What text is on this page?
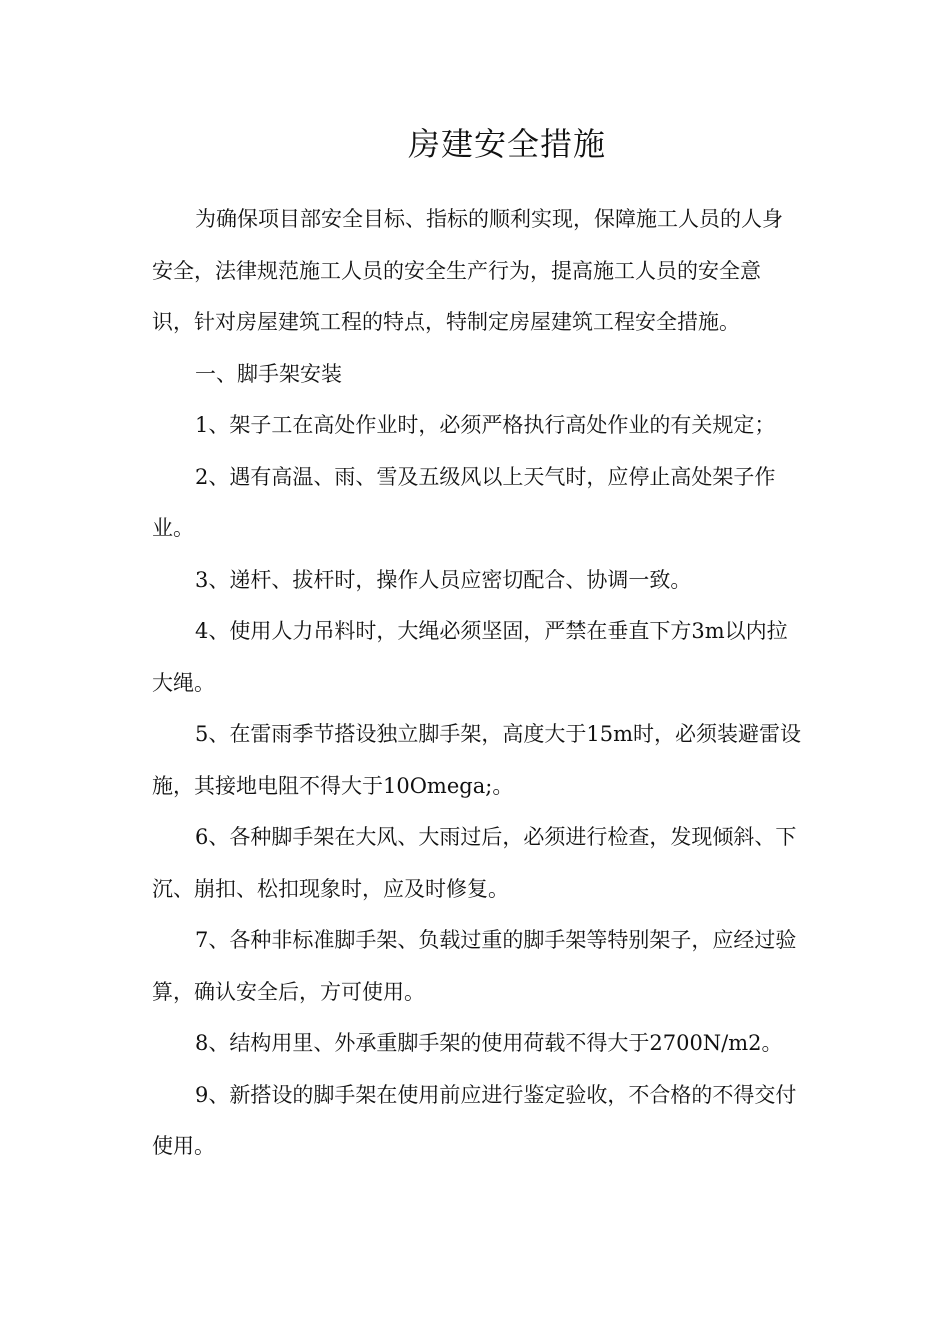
房建安全措施

为确保项目部安全目标、指标的顺利实现，保障施工人员的人身安全，法律规范施工人员的安全生产行为，提高施工人员的安全意识，针对房屋建筑工程的特点，特制定房屋建筑工程安全措施。

一、脚手架安装

1、架子工在高处作业时，必须严格执行高处作业的有关规定；

2、遇有高温、雨、雪及五级风以上天气时，应停止高处架子作业。

3、递杆、拔杆时，操作人员应密切配合、协调一致。

4、使用人力吊料时，大绳必须坚固，严禁在垂直下方3m以内拉大绳。

5、在雷雨季节搭设独立脚手架，高度大于15m时，必须装避雷设施，其接地电阻不得大于10Omega;。

6、各种脚手架在大风、大雨过后，必须进行检查，发现倾斜、下沉、崩扣、松扣现象时，应及时修复。

7、各种非标准脚手架、负载过重的脚手架等特别架子，应经过验算，确认安全后，方可使用。

8、结构用里、外承重脚手架的使用荷载不得大于2700N/m2。

9、新搭设的脚手架在使用前应进行鉴定验收，不合格的不得交付使用。
